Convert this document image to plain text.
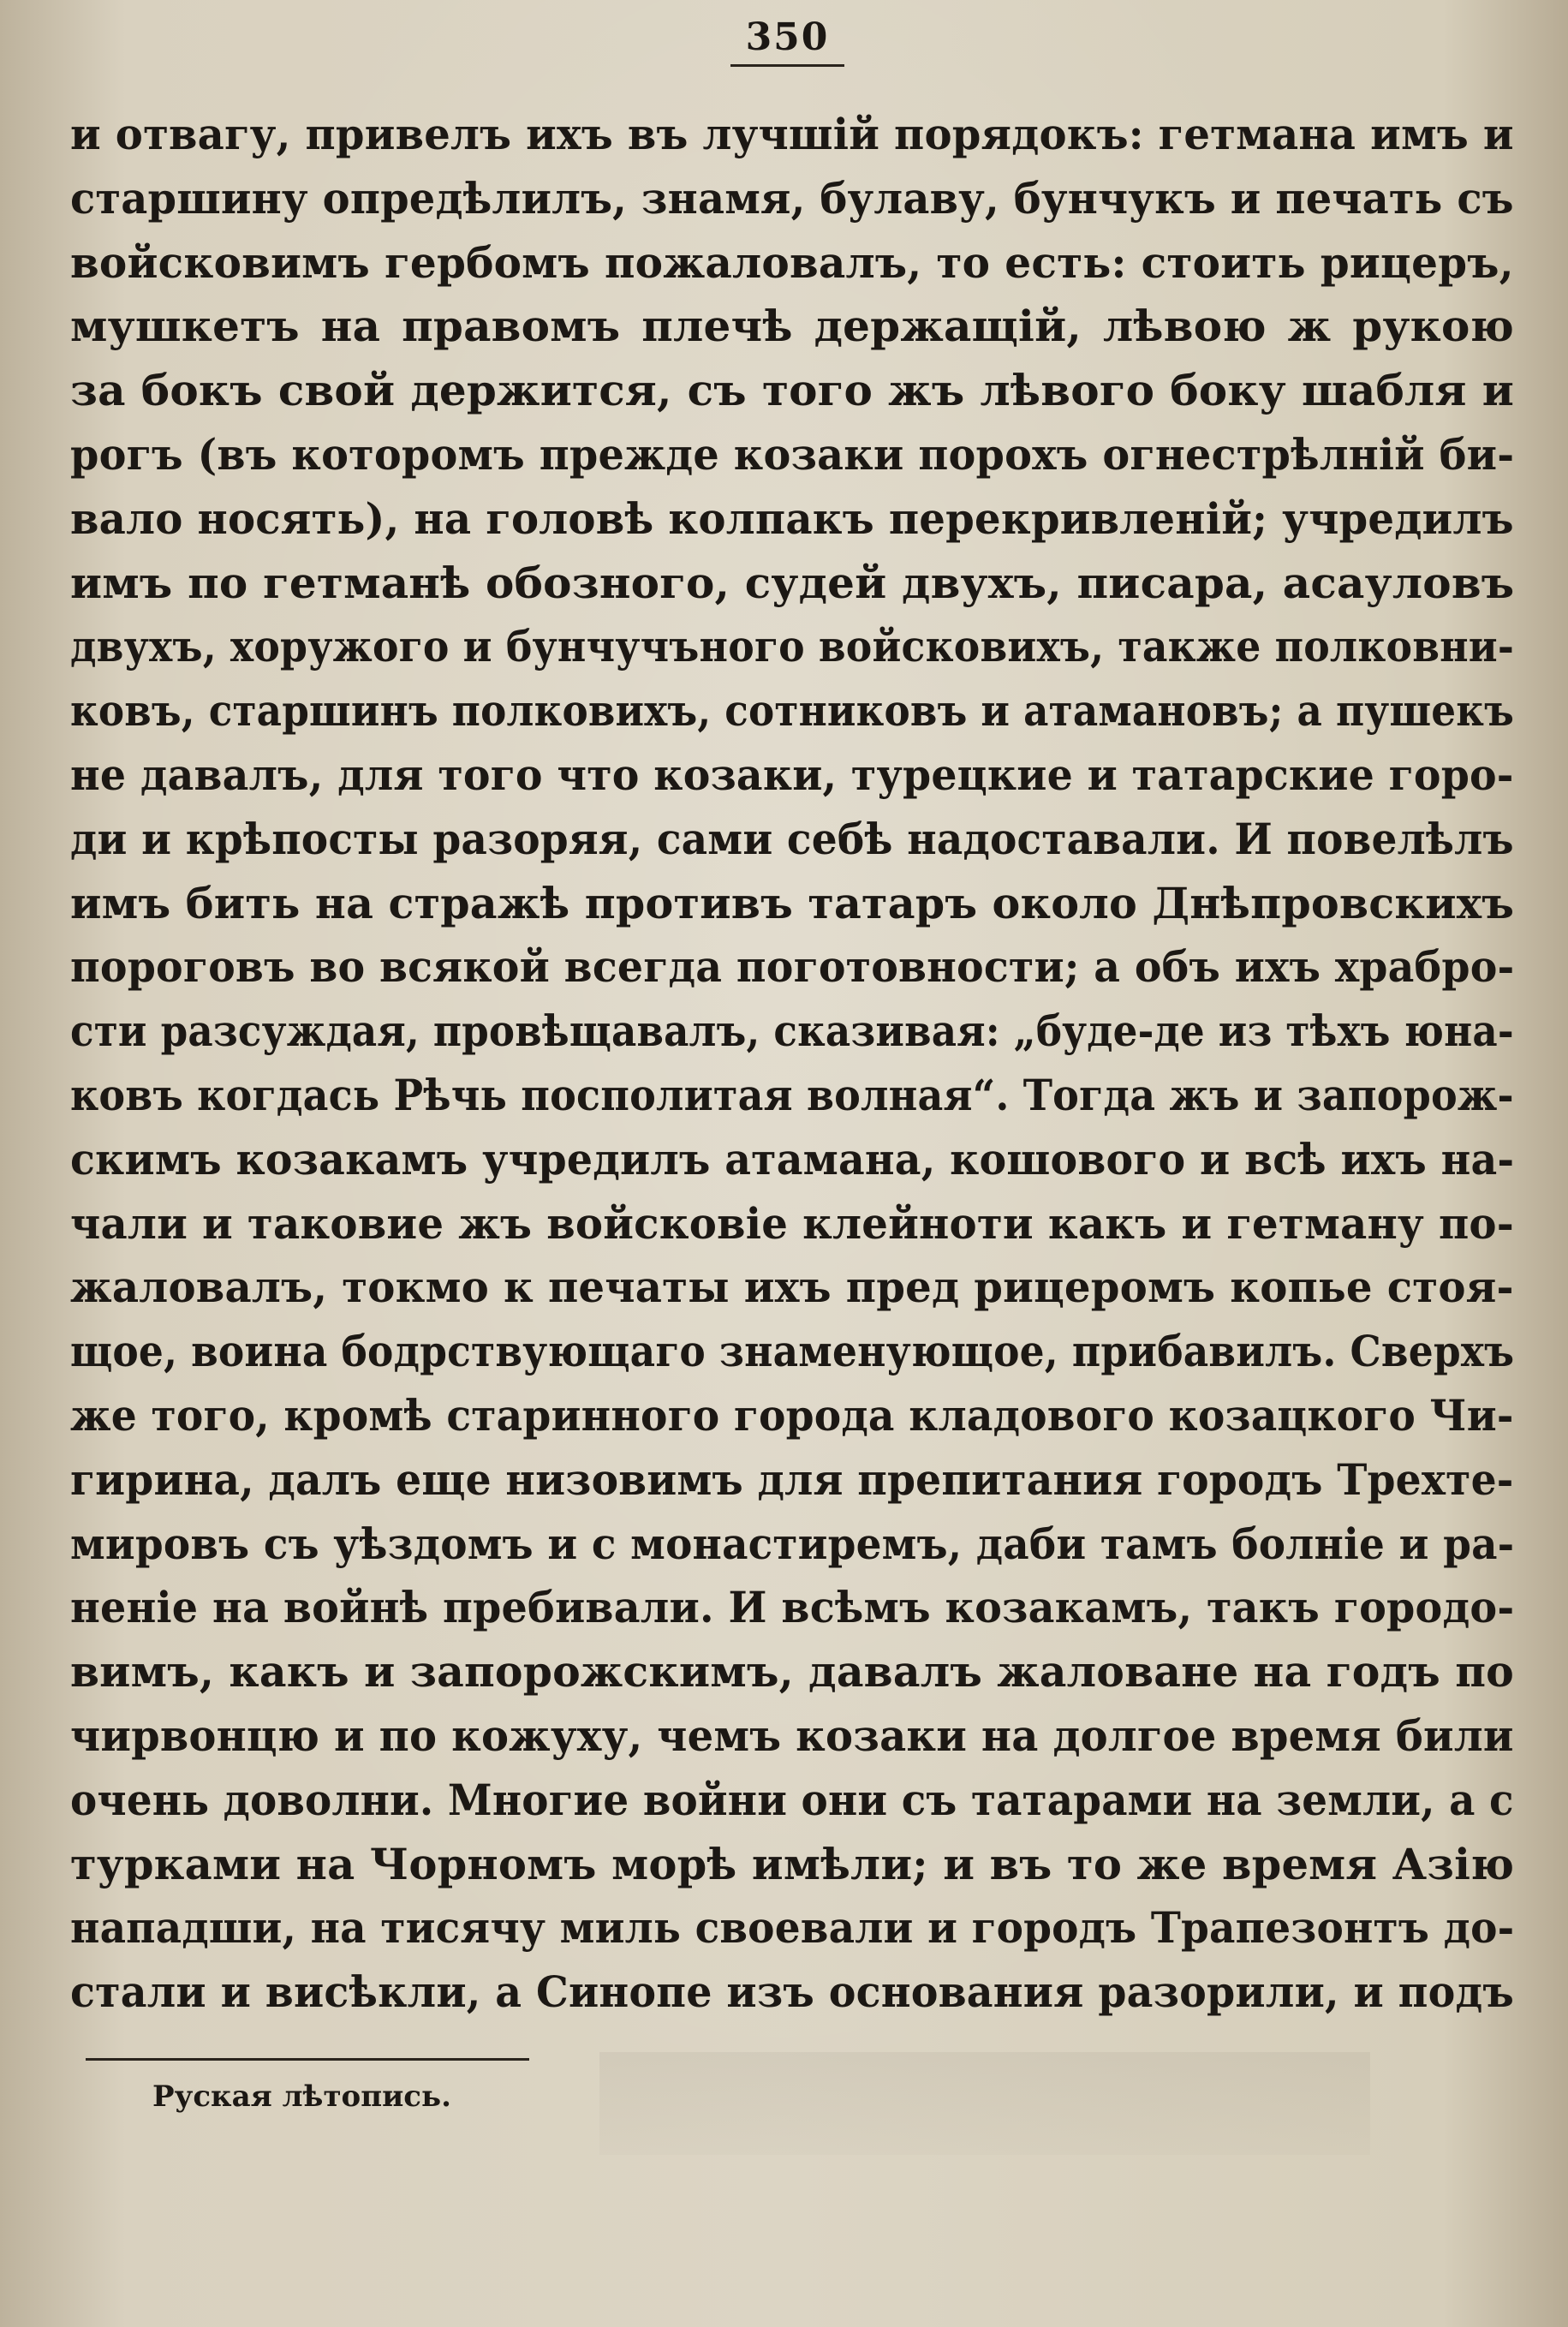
350
и отвагу, привелъ ихъ въ лучшій порядокъ: гетмана имъ и
старшину опредѣлилъ, знамя, булаву, бунчукъ и печать съ
войсковимъ гербомъ пожаловалъ, то есть: стоить рицеръ,
мушкетъ на правомъ плечѣ держащій, лѣвою ж рукою
за бокъ свой держится, съ того жъ лѣвого боку шабля и
рогъ (въ которомъ прежде козаки порохъ огнестрѣлній би-
вало носять), на головѣ колпакъ перекривленій; учредилъ
имъ по гетманѣ обозного, судей двухъ, писара, асауловъ
двухъ, хоружого и бунчучъного войсковихъ, также полковни-
ковъ, старшинъ полковихъ, сотниковъ и атамановъ; а пушекъ
не давалъ, для того что козаки, турецкие и татарские горо-
ди и крѣпосты разоряя, сами себѣ надоставали. И повелѣлъ
имъ бить на стражѣ противъ татаръ около Днѣпровскихъ
пороговъ во всякой всегда поготовности; а объ ихъ храбро-
сти разсуждая, провѣщавалъ, сказивая: „буде-де из тѣхъ юна-
ковъ когдась Рѣчь посполитая волная“. Тогда жъ и запорож-
скимъ козакамъ учредилъ атамана, кошового и всѣ ихъ на-
чали и таковие жъ войсковіе клейноти какъ и гетману по-
жаловалъ, токмо к печаты ихъ пред рицеромъ копье стоя-
щое, воина бодрствующаго знаменующое, прибавилъ. Сверхъ
же того, кромѣ старинного города кладового козацкого Чи-
гирина, далъ еще низовимъ для препитания городъ Трехте-
мировъ съ уѣздомъ и с монастиремъ, даби тамъ болніе и ра-
неніе на войнѣ пребивали. И всѣмъ козакамъ, такъ городо-
вимъ, какъ и запорожскимъ, давалъ жалованe на годъ по
чирвонцю и по кожуху, чемъ козаки на долгое время били
очень доволни. Многие войни они съ татарами на земли, а с
турками на Чорномъ морѣ имѣли; и въ то же время Азію
нападши, на тисячу миль своевали и городъ Трапезонтъ до-
стали и висѣкли, а Синопе изъ основания разорили, и подъ
Руская лѣтопись.
